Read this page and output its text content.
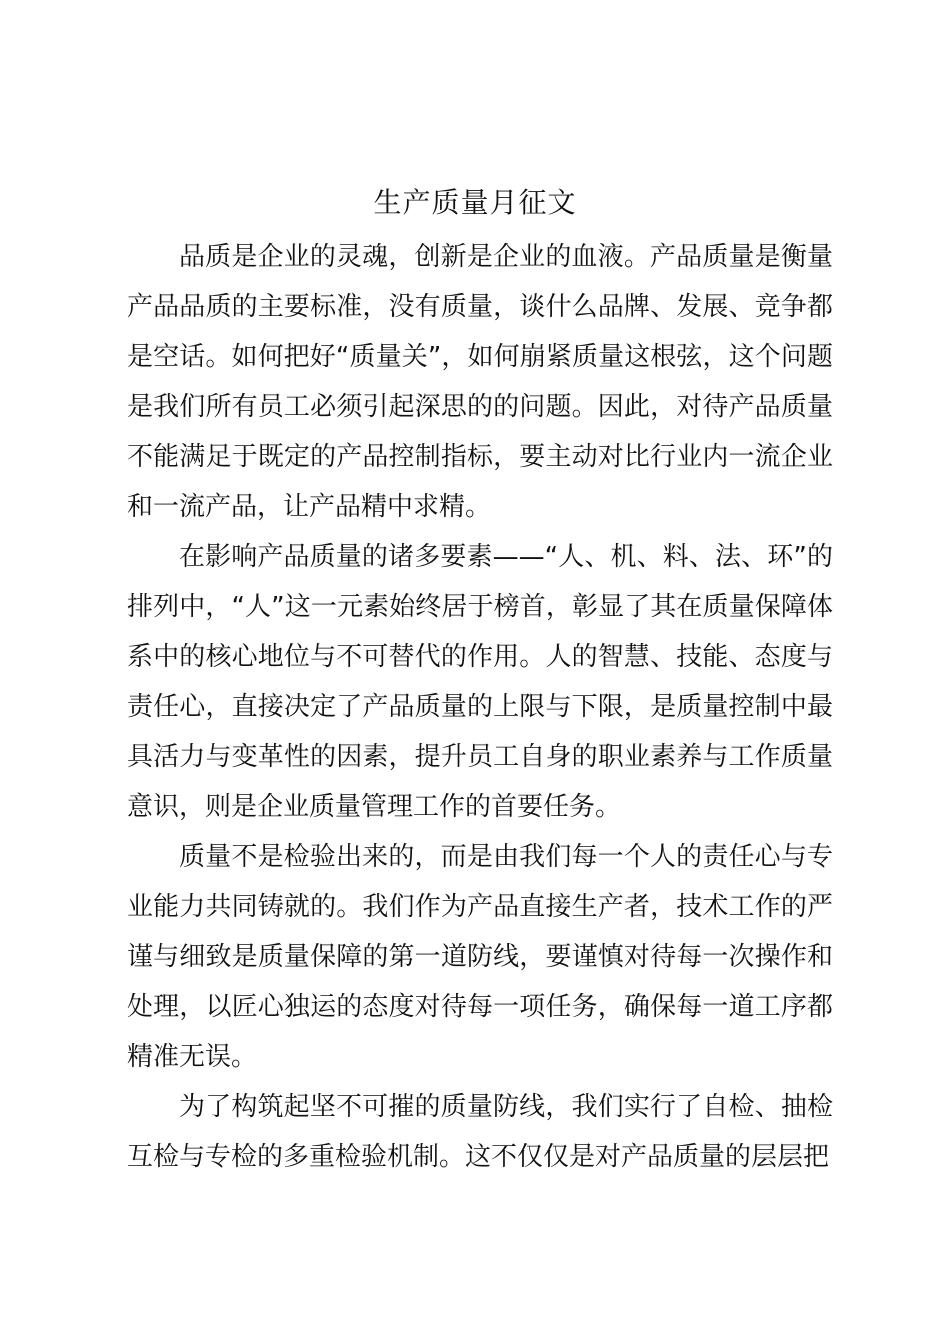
生产质量月征文

品质是企业的灵魂，创新是企业的血液。产品质量是衡量产品品质的主要标准，没有质量，谈什么品牌、发展、竞争都是空话。如何把好“质量关”，如何崩紧质量这根弦，这个问题是我们所有员工必须引起深思的的问题。因此，对待产品质量不能满足于既定的产品控制指标，要主动对比行业内一流企业和一流产品，让产品精中求精。

在影响产品质量的诸多要素——“人、机、料、法、环”的排列中，“人”这一元素始终居于榜首，彰显了其在质量保障体系中的核心地位与不可替代的作用。人的智慧、技能、态度与责任心，直接决定了产品质量的上限与下限，是质量控制中最具活力与变革性的因素，提升员工自身的职业素养与工作质量意识，则是企业质量管理工作的首要任务。

质量不是检验出来的，而是由我们每一个人的责任心与专业能力共同铸就的。我们作为产品直接生产者，技术工作的严谨与细致是质量保障的第一道防线，要谨慎对待每一次操作和处理，以匠心独运的态度对待每一项任务，确保每一道工序都精准无误。

为了构筑起坚不可摧的质量防线，我们实行了自检、抽检互检与专检的多重检验机制。这不仅仅是对产品质量的层层把
